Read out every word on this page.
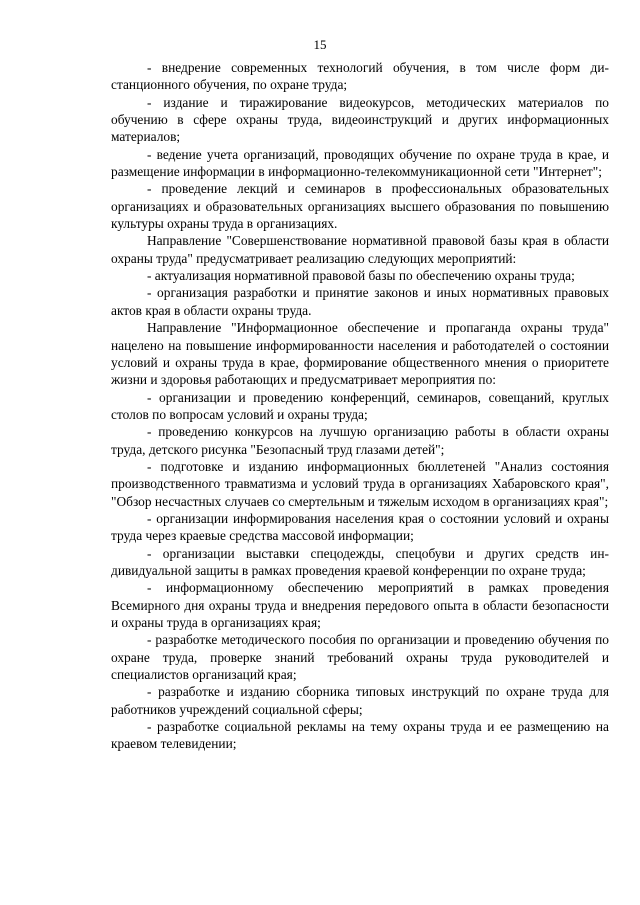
15

- внедрение современных технологий обучения, в том числе форм дистанционного обучения, по охране труда;

- издание и тиражирование видеокурсов, методических материалов по обучению в сфере охраны труда, видеоинструкций и других информационных материалов;

- ведение учета организаций, проводящих обучение по охране труда в крае, и размещение информации в информационно-телекоммуникационной сети "Интернет";

- проведение лекций и семинаров в профессиональных образовательных организациях и образовательных организациях высшего образования по повышению культуры охраны труда в организациях.

Направление "Совершенствование нормативной правовой базы края в области охраны труда" предусматривает реализацию следующих мероприятий:

- актуализация нормативной правовой базы по обеспечению охраны труда;

- организация разработки и принятие законов и иных нормативных правовых актов края в области охраны труда.

Направление "Информационное обеспечение и пропаганда охраны труда" нацелено на повышение информированности населения и работодателей о состоянии условий и охраны труда в крае, формирование общественного мнения о приоритете жизни и здоровья работающих и предусматривает мероприятия по:

- организации и проведению конференций, семинаров, совещаний, круглых столов по вопросам условий и охраны труда;

- проведению конкурсов на лучшую организацию работы в области охраны труда, детского рисунка "Безопасный труд глазами детей";

- подготовке и изданию информационных бюллетеней "Анализ состояния производственного травматизма и условий труда в организациях Хабаровского края", "Обзор несчастных случаев со смертельным и тяжелым исходом в организациях края";

- организации информирования населения края о состоянии условий и охраны труда через краевые средства массовой информации;

- организации выставки спецодежды, спецобуви и других средств индивидуальной защиты в рамках проведения краевой конференции по охране труда;

- информационному обеспечению мероприятий в рамках проведения Всемирного дня охраны труда и внедрения передового опыта в области безопасности и охраны труда в организациях края;

- разработке методического пособия по организации и проведению обучения по охране труда, проверке знаний требований охраны труда руководителей и специалистов организаций края;

- разработке и изданию сборника типовых инструкций по охране труда для работников учреждений социальной сферы;

- разработке социальной рекламы на тему охраны труда и ее размещению на краевом телевидении;
